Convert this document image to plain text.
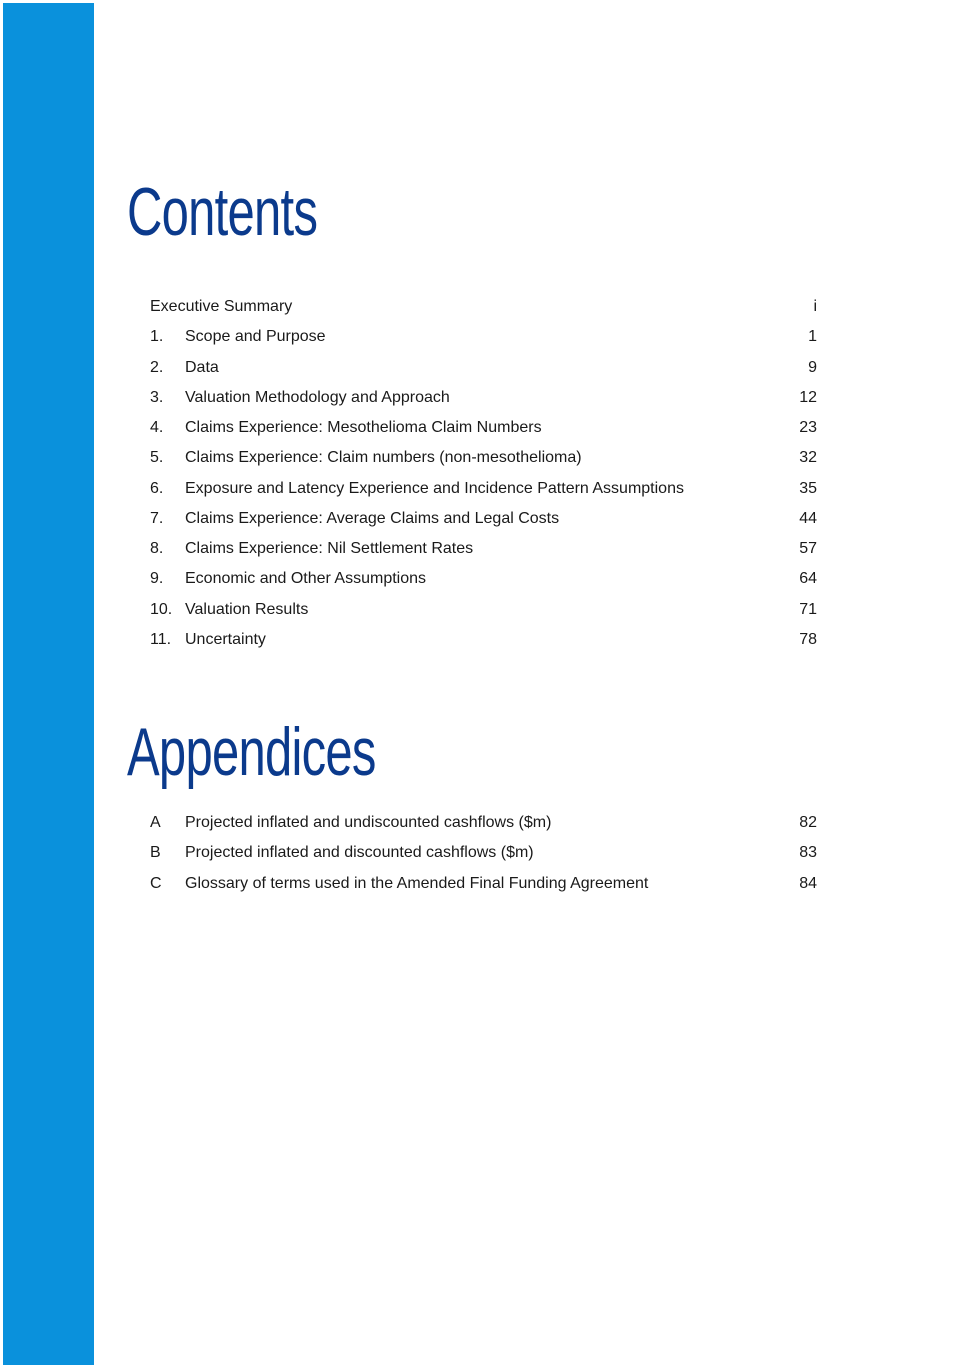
Contents
Executive Summary	i
1. Scope and Purpose	1
2. Data	9
3. Valuation Methodology and Approach	12
4. Claims Experience: Mesothelioma Claim Numbers	23
5. Claims Experience: Claim numbers (non-mesothelioma)	32
6. Exposure and Latency Experience and Incidence Pattern Assumptions	35
7. Claims Experience: Average Claims and Legal Costs	44
8. Claims Experience: Nil Settlement Rates	57
9. Economic and Other Assumptions	64
10. Valuation Results	71
11. Uncertainty	78
Appendices
A Projected inflated and undiscounted cashflows ($m)	82
B Projected inflated and discounted cashflows ($m)	83
C Glossary of terms used in the Amended Final Funding Agreement	84
